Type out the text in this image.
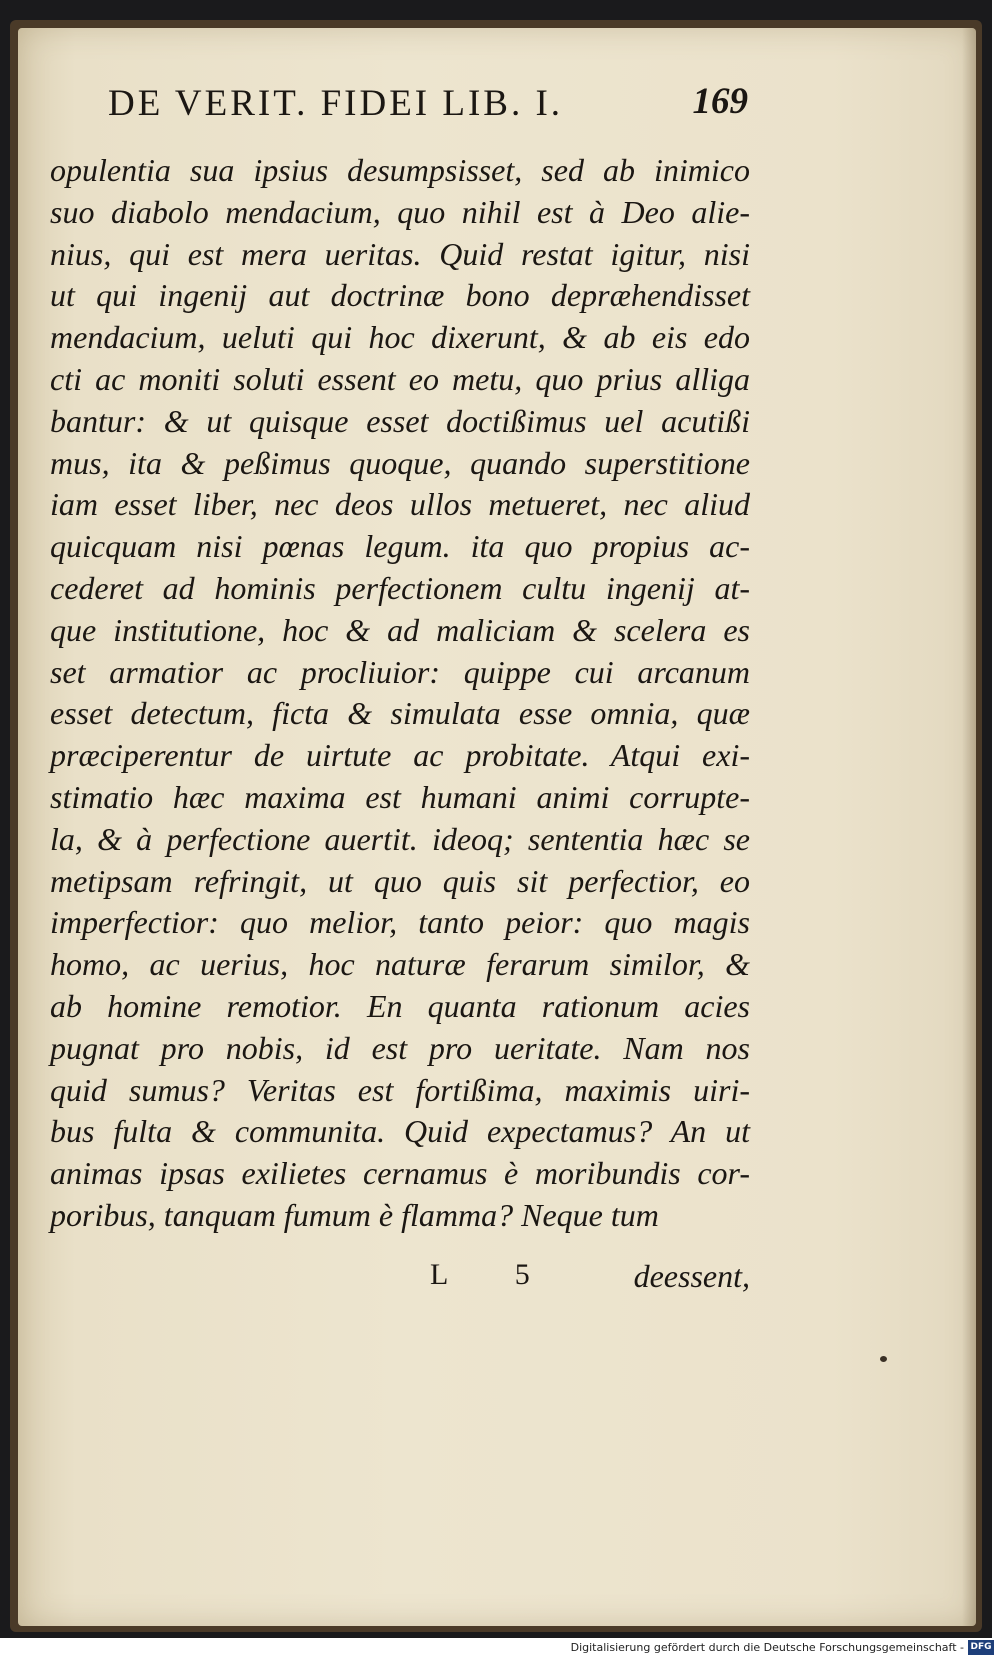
DE VERIT. FIDEI LIB. I.	169
opulentia sua ipsius desumpsisset, sed ab inimico
suo diabolo mendacium, quo nihil est à Deo alie-
nius, qui est mera ueritas. Quid restat igitur, nisi
ut qui ingenij aut doctrinæ bono depræhendisset
mendacium, ueluti qui hoc dixerunt, & ab eis edo
cti ac moniti soluti essent eo metu, quo prius alliga
bantur: & ut quisque esset doctißimus uel acutißi
mus, ita & peßimus quoque, quando superstitione
iam esset liber, nec deos ullos metueret, nec aliud
quicquam nisi pœnas legum. ita quo propius ac-
cederet ad hominis perfectionem cultu ingenij at-
que institutione, hoc & ad maliciam & scelera es
set armatior ac procliuior: quippe cui arcanum
esset detectum, ficta & simulata esse omnia, quæ
præciperentur de uirtute ac probitate. Atqui exi-
stimatio hæc maxima est humani animi corrupte-
la, & à perfectione auertit. ideoq; sententia hæc se
metipsam refringit, ut quo quis sit perfectior, eo
imperfectior: quo melior, tanto peior: quo magis
homo, ac uerius, hoc naturæ ferarum similor, &
ab homine remotior. En quanta rationum acies
pugnat pro nobis, id est pro ueritate. Nam nos
quid sumus? Veritas est fortißima, maximis uiri-
bus fulta & communita. Quid expectamus? An ut
animas ipsas exilietes cernamus è moribundis cor-
poribus, tanquam fumum è flamma? Neque tum
L 5 deessent,
Digitalisierung gefördert durch die Deutsche Forschungsgemeinschaft - DFG
